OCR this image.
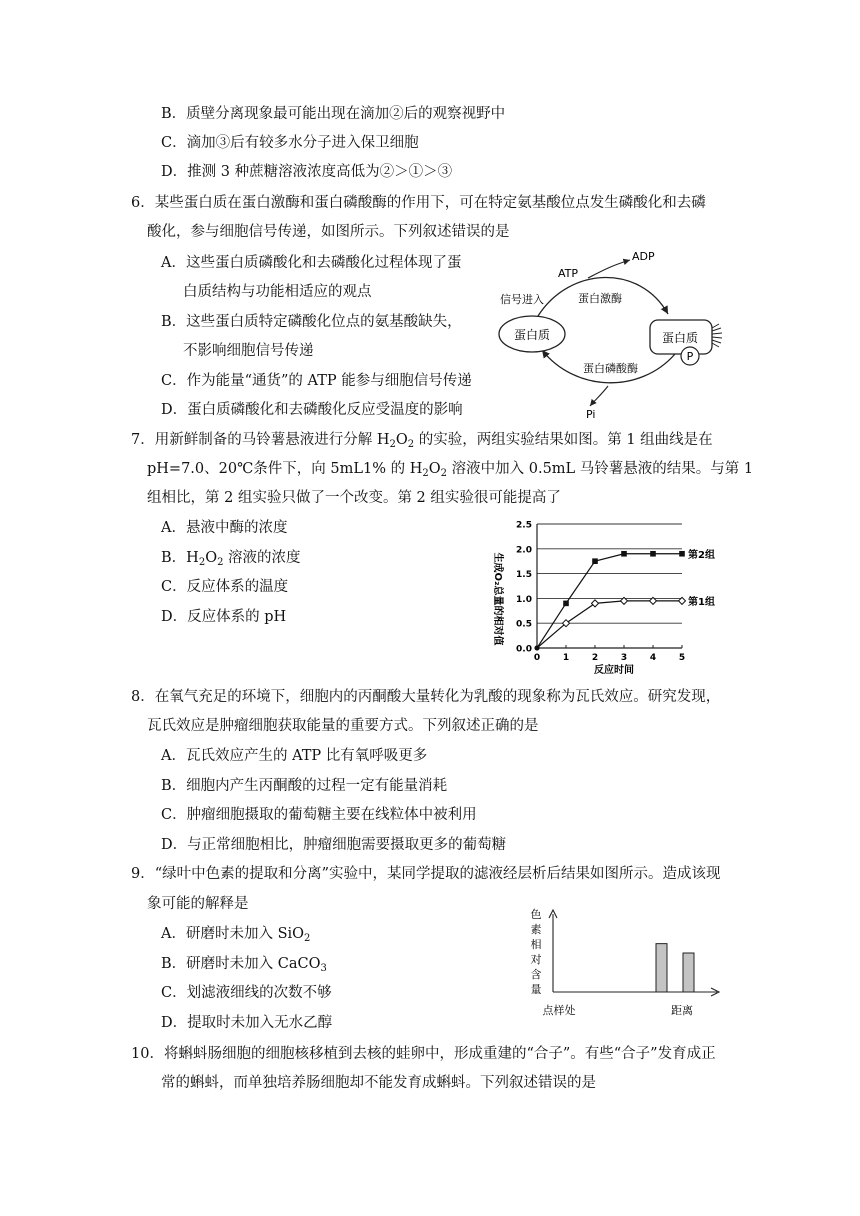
B．质壁分离现象最可能出现在滴加②后的观察视野中
C．滴加③后有较多水分子进入保卫细胞
D．推测 3 种蔗糖溶液浓度高低为②＞①＞③
6．某些蛋白质在蛋白激酶和蛋白磷酸酶的作用下，可在特定氨基酸位点发生磷酸化和去磷
酸化，参与细胞信号传递，如图所示。下列叙述错误的是
A．这些蛋白质磷酸化和去磷酸化过程体现了蛋
白质结构与功能相适应的观点
B．这些蛋白质特定磷酸化位点的氨基酸缺失，
不影响细胞信号传递
C．作为能量“通货”的 ATP 能参与细胞信号传递
D．蛋白质磷酸化和去磷酸化反应受温度的影响
蛋白质	蛋白质
P
ADP
ATP
信号进入	蛋白激酶
蛋白磷酸酶
Pi
7．用新鲜制备的马铃薯悬液进行分解 $H_2O_2$ 的实验，两组实验结果如图。第 1 组曲线是在
pH=7.0、20℃条件下，向 5mL1% 的 $H_2O_2$ 溶液中加入 0.5mL 马铃薯悬液的结果。与第 1
组相比，第 2 组实验只做了一个改变。第 2 组实验很可能提高了
A．悬液中酶的浓度
B．$H_2O_2$ 溶液的浓度
C．反应体系的温度
D．反应体系的 pH	生成O₂总量的相对值
反应时间
0.0
0.5
1.0
1.5
2.0
2.5
0	1	2	3	4	5
第2组
第1组
8．在氧气充足的环境下，细胞内的丙酮酸大量转化为乳酸的现象称为瓦氏效应。研究发现，
瓦氏效应是肿瘤细胞获取能量的重要方式。下列叙述正确的是
A．瓦氏效应产生的 ATP 比有氧呼吸更多
B．细胞内产生丙酮酸的过程一定有能量消耗
C．肿瘤细胞摄取的葡萄糖主要在线粒体中被利用
D．与正常细胞相比，肿瘤细胞需要摄取更多的葡萄糖
9．“绿叶中色素的提取和分离”实验中，某同学提取的滤液经层析后结果如图所示。造成该现
象可能的解释是
A．研磨时未加入 SiO$_2$
B．研磨时未加入 CaCO$_3$
C．划滤液细线的次数不够
D．提取时未加入无水乙醇
色
素
相
对
含
量
点样处	距离
10．将蝌蚪肠细胞的细胞核移植到去核的蛙卵中，形成重建的“合子”。有些“合子”发育成正
常的蝌蚪，而单独培养肠细胞却不能发育成蝌蚪。下列叙述错误的是
